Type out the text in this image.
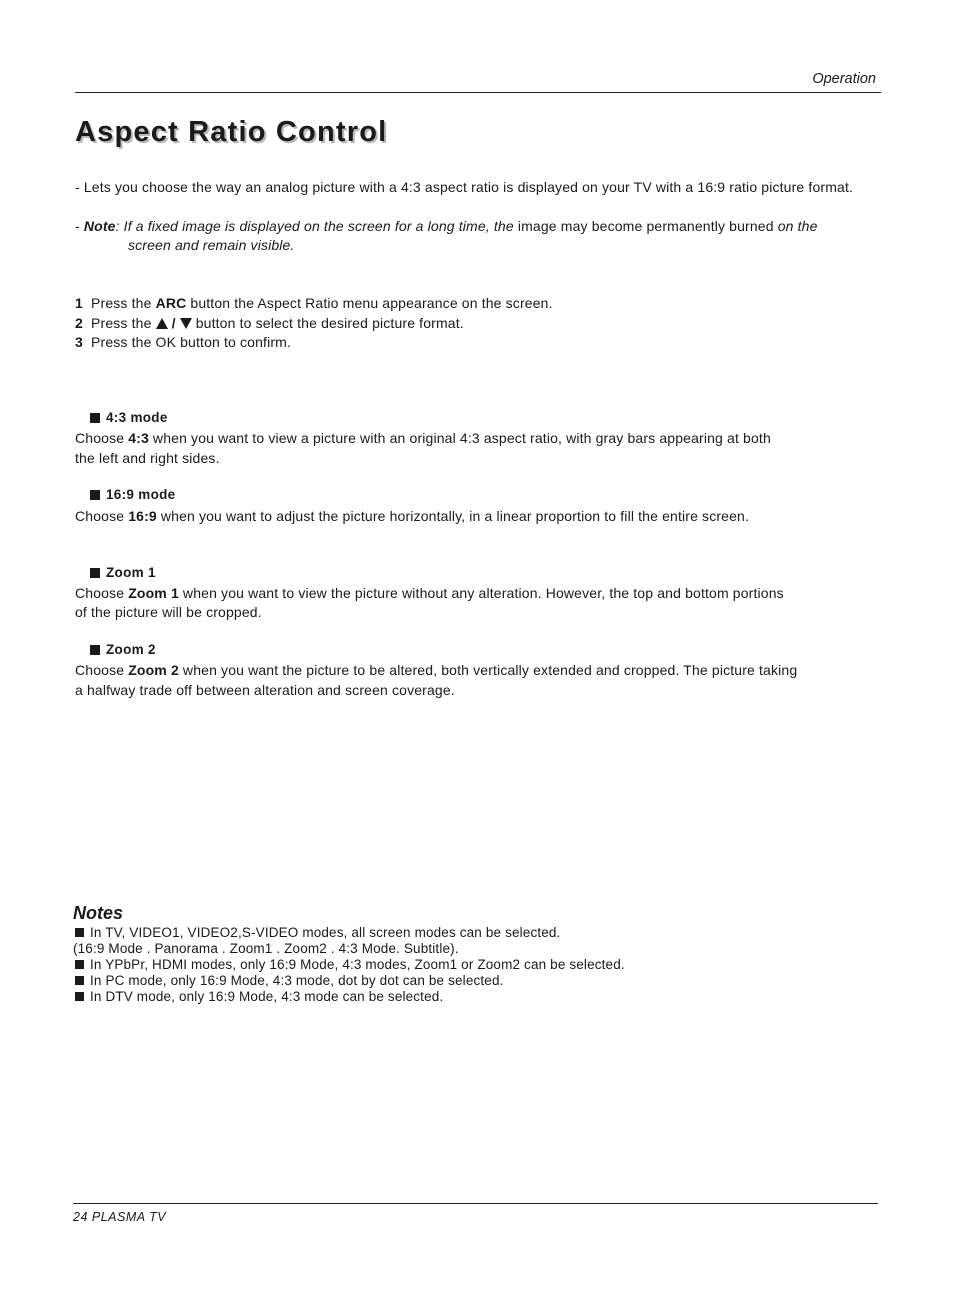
Operation
Aspect Ratio Control
- Lets you choose the way an analog picture with a 4:3 aspect ratio is displayed on your TV with a 16:9 ratio picture format.
- Note: If a fixed image is displayed on the screen for a long time, the image may become permanently burned on the
screen and remain visible.
1 Press the ARC button the Aspect Ratio menu appearance on the screen.
2 Press the  /  button to select the desired picture format.
3 Press the OK button to confirm.
4:3 mode
Choose 4:3 when you want to view a picture with an original 4:3 aspect ratio, with gray bars appearing at both
the left and right sides.
16:9 mode
Choose 16:9 when you want to adjust the picture horizontally, in a linear proportion to fill the entire screen.
Zoom 1
Choose Zoom 1 when you want to view the picture without any alteration. However, the top and bottom portions
of the picture will be cropped.
Zoom 2
Choose Zoom 2 when you want the picture to be altered, both vertically extended and cropped. The picture taking
a halfway trade off between alteration and screen coverage.
Notes
In TV, VIDEO1, VIDEO2,S-VIDEO modes, all screen modes can be selected.
(16:9 Mode . Panorama . Zoom1 . Zoom2 . 4:3 Mode. Subtitle).
In YPbPr, HDMI modes, only 16:9 Mode, 4:3 modes, Zoom1 or Zoom2 can be selected.
In PC mode, only 16:9 Mode, 4:3 mode, dot by dot can be selected.
In DTV mode, only 16:9 Mode, 4:3 mode can be selected.
24 PLASMA TV
